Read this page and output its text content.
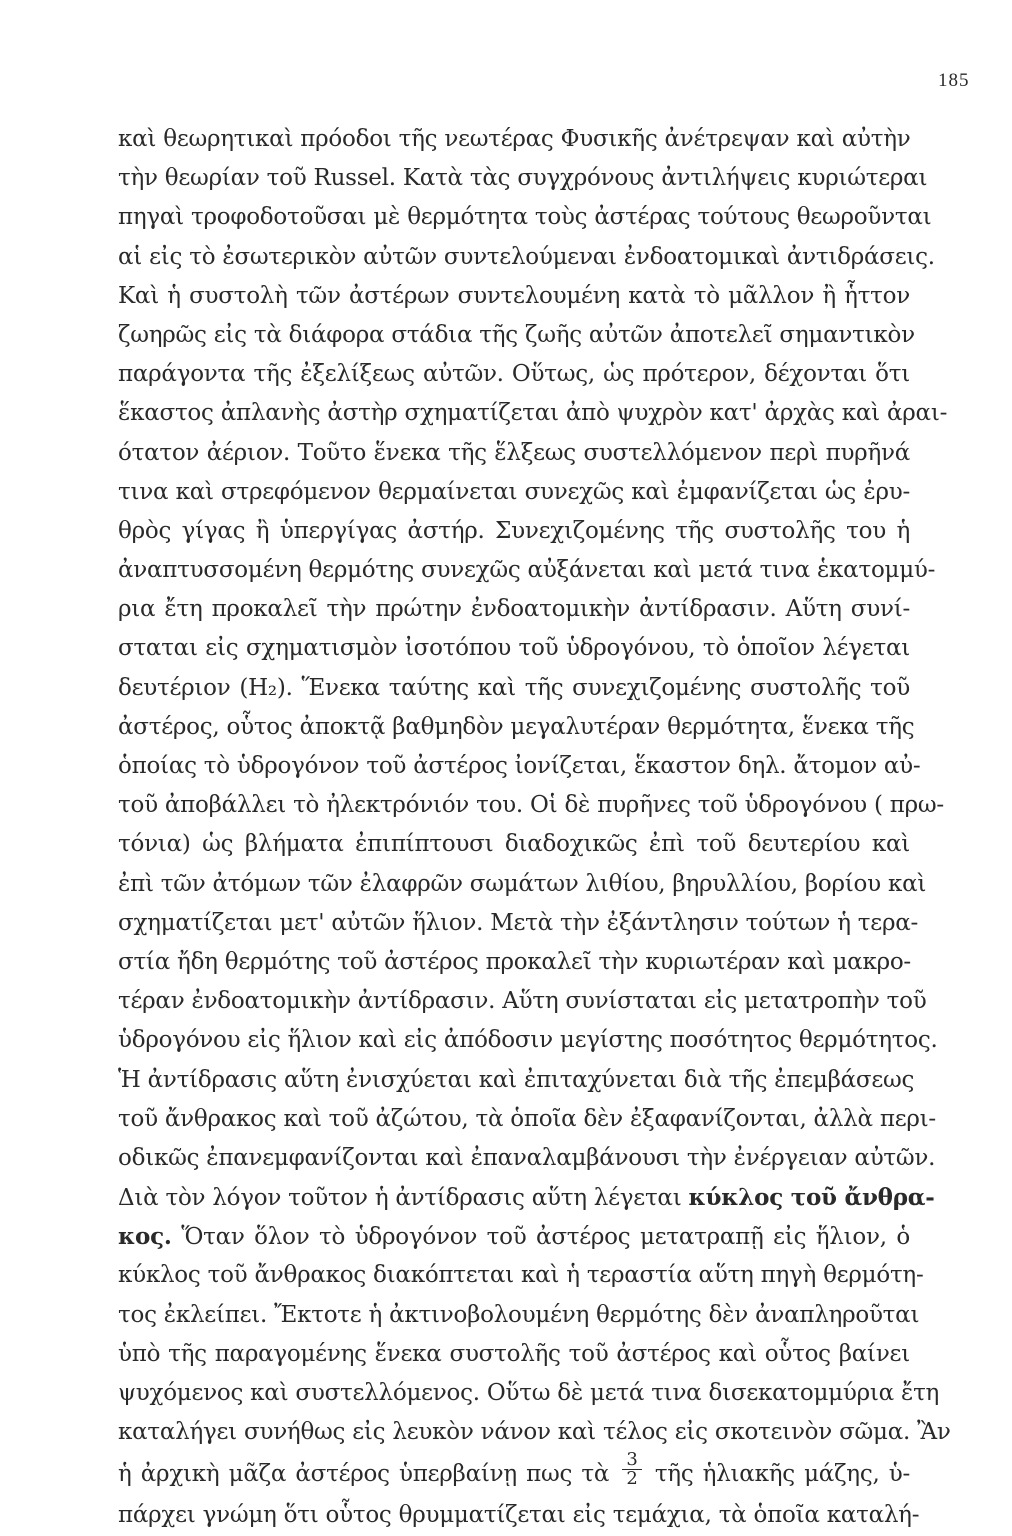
185
καὶ θεωρητικαὶ πρόοδοι τῆς νεωτέρας Φυσικῆς ἀνέτρεψαν καὶ αὐτὴν
τὴν θεωρίαν τοῦ Russel. Κατὰ τὰς συγχρόνους ἀντιλήψεις κυριώτεραι
πηγαὶ τροφοδοτοῦσαι μὲ θερμότητα τοὺς ἀστέρας τούτους θεωροῦνται
αἱ εἰς τὸ ἐσωτερικὸν αὐτῶν συντελούμεναι ἐνδοατομικαὶ ἀντιδράσεις.
Καὶ ἡ συστολὴ τῶν ἀστέρων συντελουμένη κατὰ τὸ μᾶλλον ἢ ἧττον
ζωηρῶς εἰς τὰ διάφορα στάδια τῆς ζωῆς αὐτῶν ἀποτελεῖ σημαντικὸν
παράγοντα τῆς ἐξελίξεως αὐτῶν. Οὕτως, ὡς πρότερον, δέχονται ὅτι
ἕκαστος ἀπλανὴς ἀστὴρ σχηματίζεται ἀπὸ ψυχρὸν κατ' ἀρχὰς καὶ ἀραι-
ότατον ἀέριον. Τοῦτο ἕνεκα τῆς ἕλξεως συστελλόμενον περὶ πυρῆνά
τινα καὶ στρεφόμενον θερμαίνεται συνεχῶς καὶ ἐμφανίζεται ὡς ἐρυ-
θρὸς γίγας ἢ ὑπεργίγας ἀστήρ. Συνεχιζομένης τῆς συστολῆς του ἡ
ἀναπτυσσομένη θερμότης συνεχῶς αὐξάνεται καὶ μετά τινα ἑκατομμύ-
ρια ἔτη προκαλεῖ τὴν πρώτην ἐνδοατομικὴν ἀντίδρασιν. Αὕτη συνί-
σταται εἰς σχηματισμὸν ἰσοτόπου τοῦ ὑδρογόνου, τὸ ὁποῖον λέγεται
δευτέριον (H₂). Ἕνεκα ταύτης καὶ τῆς συνεχιζομένης συστολῆς τοῦ
ἀστέρος, οὗτος ἀποκτᾷ βαθμηδὸν μεγαλυτέραν θερμότητα, ἕνεκα τῆς
ὁποίας τὸ ὑδρογόνον τοῦ ἀστέρος ἰονίζεται, ἕκαστον δηλ. ἄτομον αὐ-
τοῦ ἀποβάλλει τὸ ἠλεκτρόνιόν του. Οἱ δὲ πυρῆνες τοῦ ὑδρογόνου ( πρω-
τόνια) ὡς βλήματα ἐπιπίπτουσι διαδοχικῶς ἐπὶ τοῦ δευτερίου καὶ
ἐπὶ τῶν ἀτόμων τῶν ἐλαφρῶν σωμάτων λιθίου, βηρυλλίου, βορίου καὶ
σχηματίζεται μετ' αὐτῶν ἥλιον. Μετὰ τὴν ἐξάντλησιν τούτων ἡ τερα-
στία ἤδη θερμότης τοῦ ἀστέρος προκαλεῖ τὴν κυριωτέραν καὶ μακρο-
τέραν ἐνδοατομικὴν ἀντίδρασιν. Αὕτη συνίσταται εἰς μετατροπὴν τοῦ
ὑδρογόνου εἰς ἥλιον καὶ εἰς ἀπόδοσιν μεγίστης ποσότητος θερμότητος.
Ἡ ἀντίδρασις αὕτη ἐνισχύεται καὶ ἐπιταχύνεται διὰ τῆς ἐπεμβάσεως
τοῦ ἄνθρακος καὶ τοῦ ἀζώτου, τὰ ὁποῖα δὲν ἐξαφανίζονται, ἀλλὰ περι-
οδικῶς ἐπανεμφανίζονται καὶ ἐπαναλαμβάνουσι τὴν ἐνέργειαν αὐτῶν.
Διὰ τὸν λόγον τοῦτον ἡ ἀντίδρασις αὕτη λέγεται κύκλος τοῦ ἄνθρα-
κος. Ὅταν ὅλον τὸ ὑδρογόνον τοῦ ἀστέρος μετατραπῇ εἰς ἥλιον, ὁ
κύκλος τοῦ ἄνθρακος διακόπτεται καὶ ἡ τεραστία αὕτη πηγὴ θερμότη-
τος ἐκλείπει. Ἔκτοτε ἡ ἀκτινοβολουμένη θερμότης δὲν ἀναπληροῦται
ὑπὸ τῆς παραγομένης ἕνεκα συστολῆς τοῦ ἀστέρος καὶ οὗτος βαίνει
ψυχόμενος καὶ συστελλόμενος. Οὕτω δὲ μετά τινα δισεκατομμύρια ἔτη
καταλήγει συνήθως εἰς λευκὸν νάνον καὶ τέλος εἰς σκοτεινὸν σῶμα. Ἂν
ἡ ἀρχικὴ μᾶζα ἀστέρος ὑπερβαίνῃ πως τὰ $\frac{3}{2}$ τῆς ἡλιακῆς μάζης, ὑ-
πάρχει γνώμη ὅτι οὗτος θρυμματίζεται εἰς τεμάχια, τὰ ὁποῖα καταλή-
